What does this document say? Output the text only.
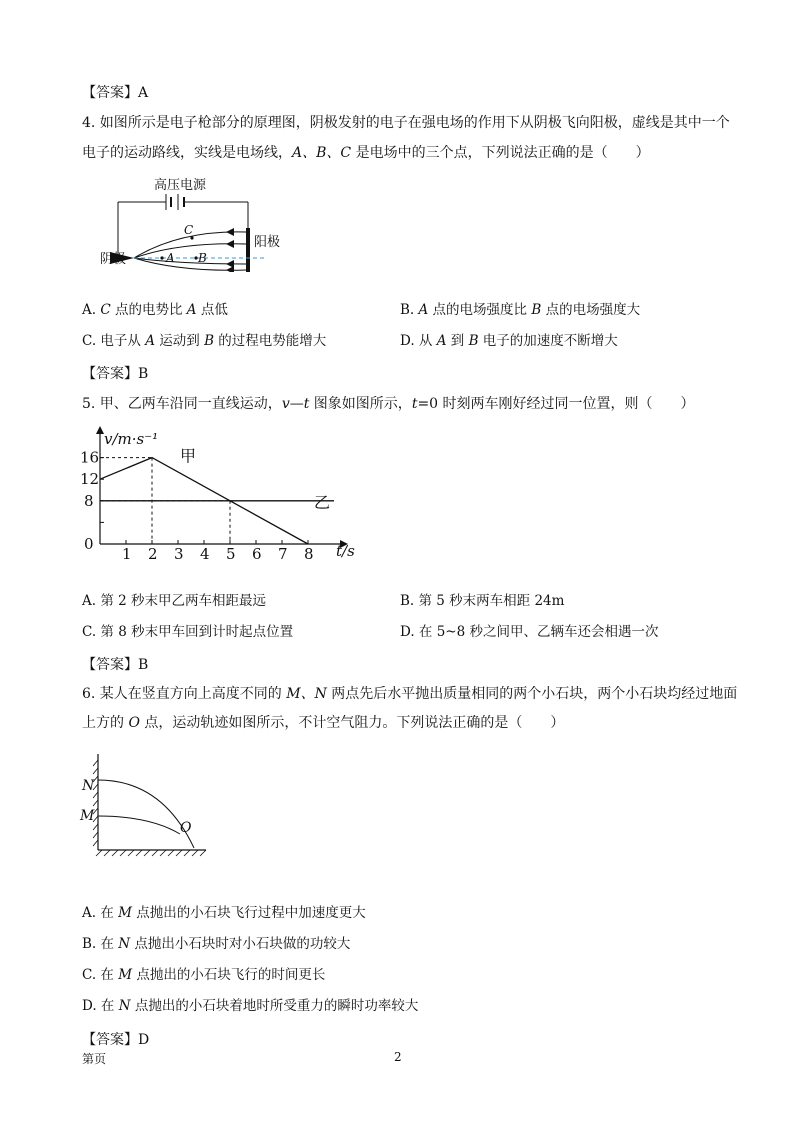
【答案】A
4. 如图所示是电子枪部分的原理图，阴极发射的电子在强电场的作用下从阴极飞向阳极，虚线是其中一个
电子的运动路线，实线是电场线，A、B、C 是电场中的三个点，下列说法正确的是（　　）
高压电源
阳极
阴极	A B
C
A. C 点的电势比 A 点低	B. A 点的电场强度比 B 点的电场强度大
C. 电子从 A 运动到 B 的过程电势能增大	D. 从 A 到 B 电子的加速度不断增大
【答案】B
5. 甲、乙两车沿同一直线运动，v—t 图象如图所示，t=0 时刻两车刚好经过同一位置，则（　　）
v/m·s⁻¹
t/s
1 2 3 4 5 6 7 8
0
8
12
16	甲
乙
A. 第 2 秒末甲乙两车相距最远	B. 第 5 秒末两车相距 24m
C. 第 8 秒末甲车回到计时起点位置	D. 在 5~8 秒之间甲、乙辆车还会相遇一次
【答案】B
6. 某人在竖直方向上高度不同的 M、N 两点先后水平抛出质量相同的两个小石块，两个小石块均经过地面
上方的 O 点，运动轨迹如图所示，不计空气阻力。下列说法正确的是（　　）
N
M
O
A. 在 M 点抛出的小石块飞行过程中加速度更大
B. 在 N 点抛出小石块时对小石块做的功较大
C. 在 M 点抛出的小石块飞行的时间更长
D. 在 N 点抛出的小石块着地时所受重力的瞬时功率较大
【答案】D
第页	2
